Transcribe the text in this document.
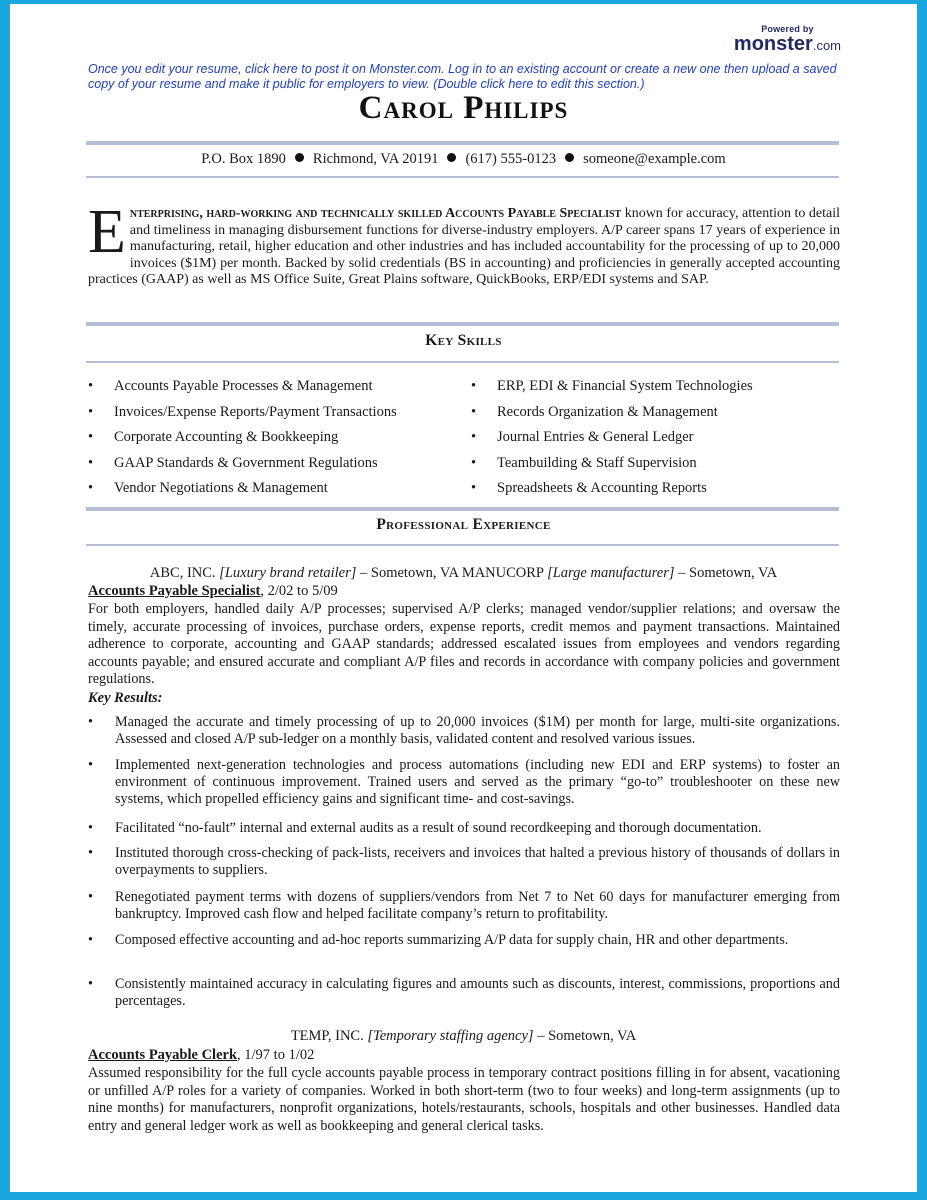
Powered by
monster.com
Once you edit your resume, click here to post it on Monster.com. Log in to an existing account or create a new one then upload a saved copy of your resume and make it public for employers to view. (Double click here to edit this section.)
Carol Philips
P.O. Box 1890 Richmond, VA 20191 (617) 555-0123 someone@example.com
Enterprising, hard-working and technically skilled Accounts Payable Specialist known for accuracy, attention to detail and timeliness in managing disbursement functions for diverse-industry employers. A/P career spans 17 years of experience in manufacturing, retail, higher education and other industries and has included accountability for the processing of up to 20,000 invoices ($1M) per month. Backed by solid credentials (BS in accounting) and proficiencies in generally accepted accounting practices (GAAP) as well as MS Office Suite, Great Plains software, QuickBooks, ERP/EDI systems and SAP.
Key Skills
• Accounts Payable Processes & Management
• Invoices/Expense Reports/Payment Transactions
• Corporate Accounting & Bookkeeping
• GAAP Standards & Government Regulations
• Vendor Negotiations & Management
• ERP, EDI & Financial System Technologies
• Records Organization & Management
• Journal Entries & General Ledger
• Teambuilding & Staff Supervision
• Spreadsheets & Accounting Reports
Professional Experience
ABC, INC. [Luxury brand retailer] – Sometown, VA MANUCORP [Large manufacturer] – Sometown, VA
Accounts Payable Specialist, 2/02 to 5/09
For both employers, handled daily A/P processes; supervised A/P clerks; managed vendor/supplier relations; and oversaw the timely, accurate processing of invoices, purchase orders, expense reports, credit memos and payment transactions. Maintained adherence to corporate, accounting and GAAP standards; addressed escalated issues from employees and vendors regarding accounts payable; and ensured accurate and compliant A/P files and records in accordance with company policies and government regulations.
Key Results:
• Managed the accurate and timely processing of up to 20,000 invoices ($1M) per month for large, multi-site organizations. Assessed and closed A/P sub-ledger on a monthly basis, validated content and resolved various issues.
• Implemented next-generation technologies and process automations (including new EDI and ERP systems) to foster an environment of continuous improvement. Trained users and served as the primary “go-to” troubleshooter on these new systems, which propelled efficiency gains and significant time- and cost-savings.
• Facilitated “no-fault” internal and external audits as a result of sound recordkeeping and thorough documentation.
• Instituted thorough cross-checking of pack-lists, receivers and invoices that halted a previous history of thousands of dollars in overpayments to suppliers.
• Renegotiated payment terms with dozens of suppliers/vendors from Net 7 to Net 60 days for manufacturer emerging from bankruptcy. Improved cash flow and helped facilitate company’s return to profitability.
• Composed effective accounting and ad-hoc reports summarizing A/P data for supply chain, HR and other departments.
• Consistently maintained accuracy in calculating figures and amounts such as discounts, interest, commissions, proportions and percentages.
TEMP, INC. [Temporary staffing agency] – Sometown, VA
Accounts Payable Clerk, 1/97 to 1/02
Assumed responsibility for the full cycle accounts payable process in temporary contract positions filling in for absent, vacationing or unfilled A/P roles for a variety of companies. Worked in both short-term (two to four weeks) and long-term assignments (up to nine months) for manufacturers, nonprofit organizations, hotels/restaurants, schools, hospitals and other businesses. Handled data entry and general ledger work as well as bookkeeping and general clerical tasks.
